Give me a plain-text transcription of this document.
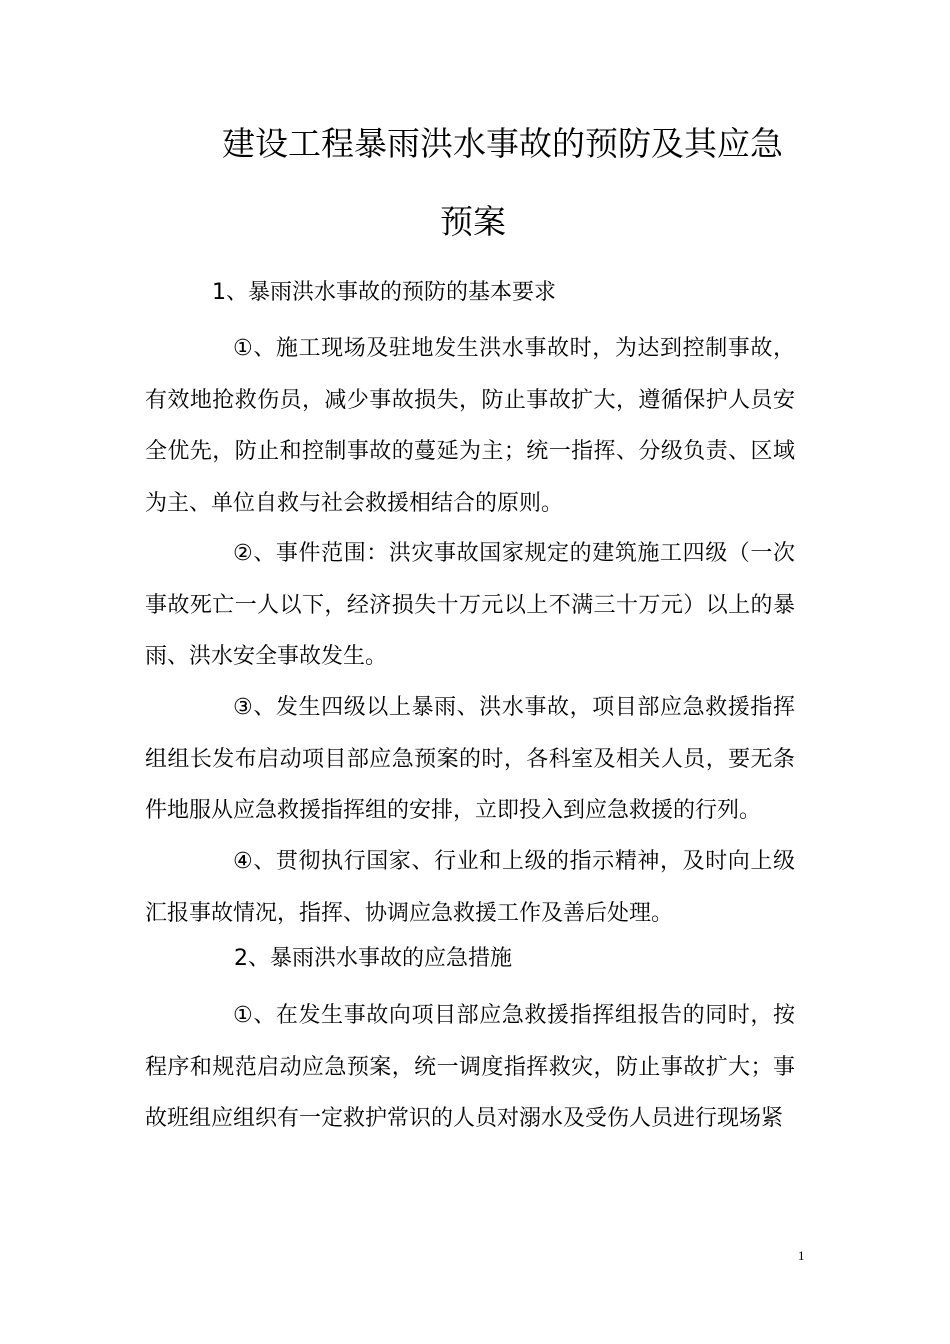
建设工程暴雨洪水事故的预防及其应急
预案
1、暴雨洪水事故的预防的基本要求

①、施工现场及驻地发生洪水事故时，为达到控制事故，有效地抢救伤员，减少事故损失，防止事故扩大，遵循保护人员安全优先，防止和控制事故的蔓延为主；统一指挥、分级负责、区域为主、单位自救与社会救援相结合的原则。

②、事件范围：洪灾事故国家规定的建筑施工四级（一次事故死亡一人以下，经济损失十万元以上不满三十万元）以上的暴雨、洪水安全事故发生。

③、发生四级以上暴雨、洪水事故，项目部应急救援指挥组组长发布启动项目部应急预案的时，各科室及相关人员，要无条件地服从应急救援指挥组的安排，立即投入到应急救援的行列。

④、贯彻执行国家、行业和上级的指示精神，及时向上级汇报事故情况，指挥、协调应急救援工作及善后处理。

2、暴雨洪水事故的应急措施

①、在发生事故向项目部应急救援指挥组报告的同时，按程序和规范启动应急预案，统一调度指挥救灾，防止事故扩大；事故班组应组织有一定救护常识的人员对溺水及受伤人员进行现场紧

1
